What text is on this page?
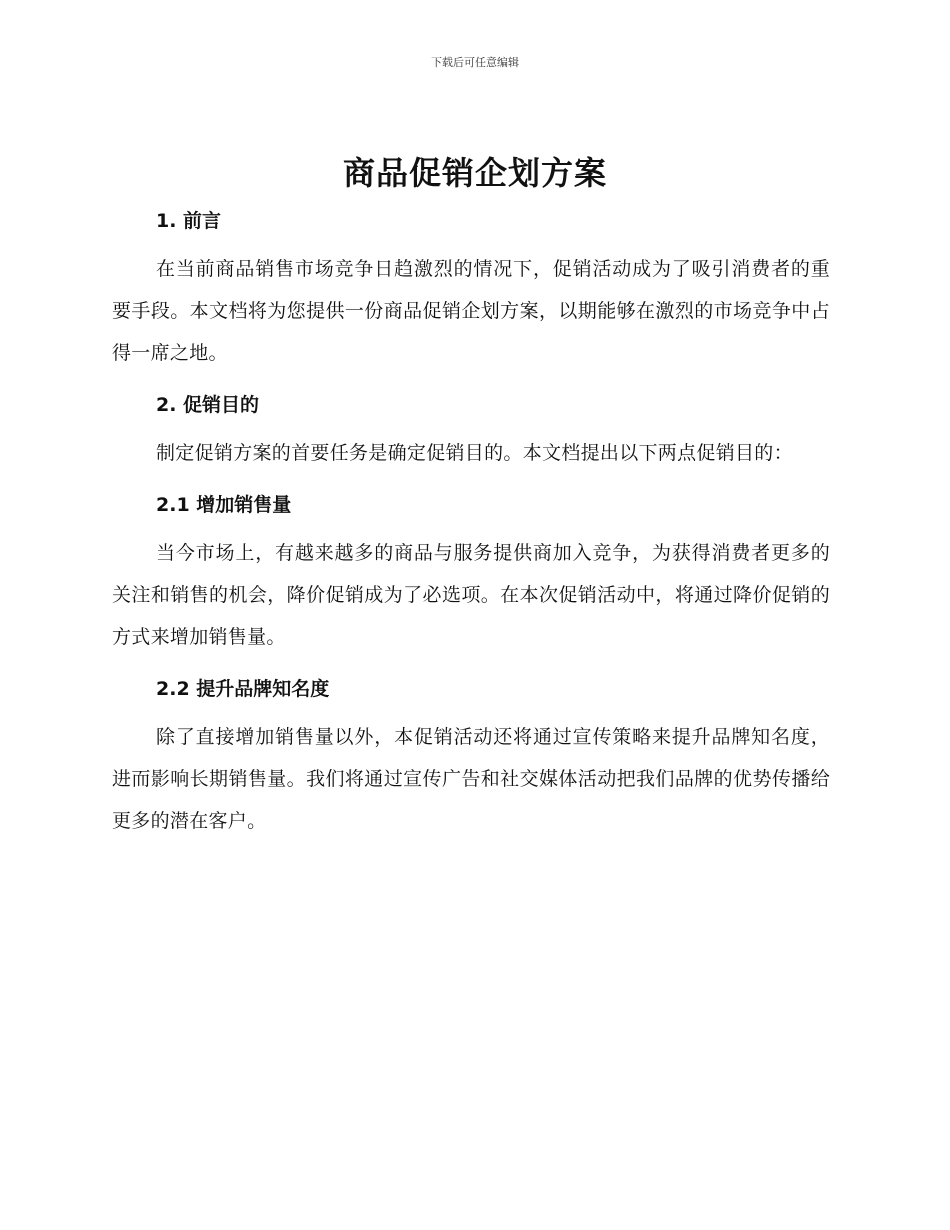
下载后可任意编辑
商品促销企划方案
1. 前言

在当前商品销售市场竞争日趋激烈的情况下，促销活动成为了吸引消费者的重要手段。本文档将为您提供一份商品促销企划方案，以期能够在激烈的市场竞争中占得一席之地。

2. 促销目的

制定促销方案的首要任务是确定促销目的。本文档提出以下两点促销目的：

2.1 增加销售量

当今市场上，有越来越多的商品与服务提供商加入竞争，为获得消费者更多的关注和销售的机会，降价促销成为了必选项。在本次促销活动中，将通过降价促销的方式来增加销售量。

2.2 提升品牌知名度

除了直接增加销售量以外，本促销活动还将通过宣传策略来提升品牌知名度，进而影响长期销售量。我们将通过宣传广告和社交媒体活动把我们品牌的优势传播给更多的潜在客户。
